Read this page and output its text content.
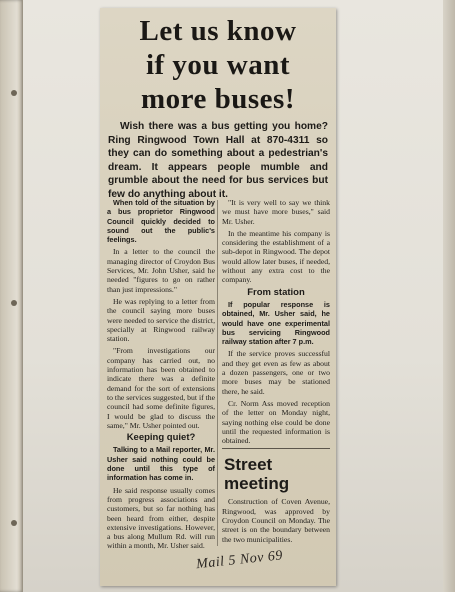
Let us know
if you want
more buses!
Wish there was a bus getting you home? Ring Ringwood Town Hall at 870-4311 so they can do something about a pedestrian's dream. It appears people mumble and grumble about the need for bus services but few do anything about it.

When told of the situation by a bus proprietor Ringwood Council quickly decided to sound out the public's feelings.

In a letter to the council the managing director of Croydon Bus Services, Mr. John Usher, said he needed "figures to go on rather than just impressions."

He was replying to a letter from the council saying more buses were needed to service the district, specially at Ringwood railway station.

"From investigations our company has carried out, no information has been obtained to indicate there was a definite demand for the sort of extensions to the services suggested, but if the council had some definite figures, I would be glad to discuss the same," Mr. Usher pointed out.

Keeping quiet?

Talking to a Mail reporter, Mr. Usher said nothing could be done until this type of information has come in.

He said response usually comes from progress associations and customers, but so far nothing has been heard from either, despite extensive investigations. However, a bus along Mullum Rd. will run within a month, Mr. Usher said.

"It is very well to say we think we must have more buses," said Mr. Usher.

In the meantime his company is considering the establishment of a sub-depot in Ringwood. The depot would allow later buses, if needed, without any extra cost to the company.

From station

If popular response is obtained, Mr. Usher said, he would have one experimental bus servicing Ringwood railway station after 7 p.m.

If the service proves successful and they get even as few as about a dozen passengers, one or two more buses may be stationed there, he said.

Cr. Norm Ass moved reception of the letter on Monday night, saying nothing else could be done until the requested information is obtained.

Street
meeting

Construction of Coven Avenue, Ringwood, was approved by Croydon Council on Monday. The street is on the boundary between the two municipalities.

Mail 5 Nov 69
